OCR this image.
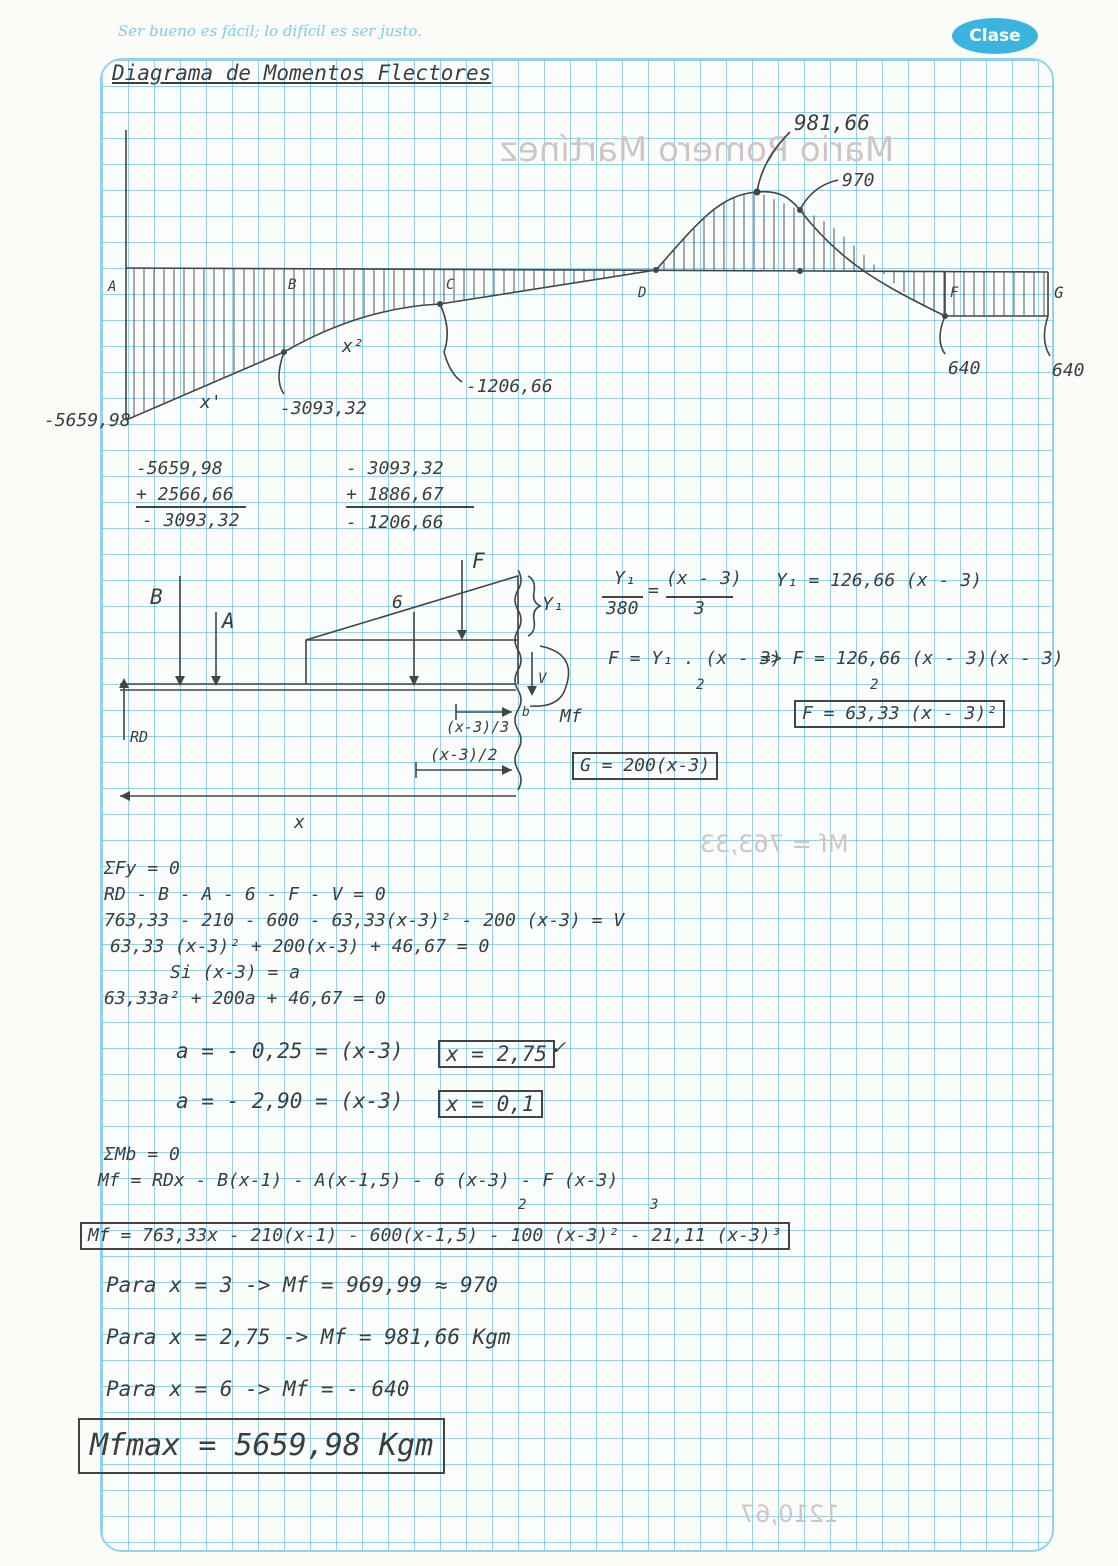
Ser bueno es fácil; lo difícil es ser justo.	Clase
Mario Romero Martínez
Mf = 763,33
1210,67
Diagrama de Momentos Flectores
A	B	C	D	F	G
-5659,98
-3093,32
-1206,66
981,66
970
640	640
x'
x²
-5659,98
+ 2566,66
- 3093,32
- 3093,32
+ 1886,67
- 1206,66
B
A
6
F
Y₁
V
RD
Mf
b
x
(x-3)/3
(x-3)/2
G = 200(x-3)
Y₁
380
=
(x - 3)
3
Y₁ = 126,66 (x - 3)
F = Y₁ . (x - 3)
2
=> F = 126,66 (x - 3)(x - 3)
2
F = 63,33 (x - 3)²
ΣFy = 0
RD - B - A - 6 - F - V = 0
763,33 - 210 - 600 - 63,33(x-3)² - 200 (x-3) = V
63,33 (x-3)² + 200(x-3) + 46,67 = 0
Si (x-3) = a
63,33a² + 200a + 46,67 = 0
a = - 0,25 = (x-3)	x = 2,75 ✓
a = - 2,90 = (x-3)	x = 0,1
ΣMb = 0
Mf = RDx - B(x-1) - A(x-1,5) - 6 (x-3) - F (x-3)
2	3
Mf = 763,33x - 210(x-1) - 600(x-1,5) - 100 (x-3)² - 21,11 (x-3)³
Para x = 3 -> Mf = 969,99 ≈ 970
Para x = 2,75 -> Mf = 981,66 Kgm
Para x = 6 -> Mf = - 640
Mfmax = 5659,98 Kgm
